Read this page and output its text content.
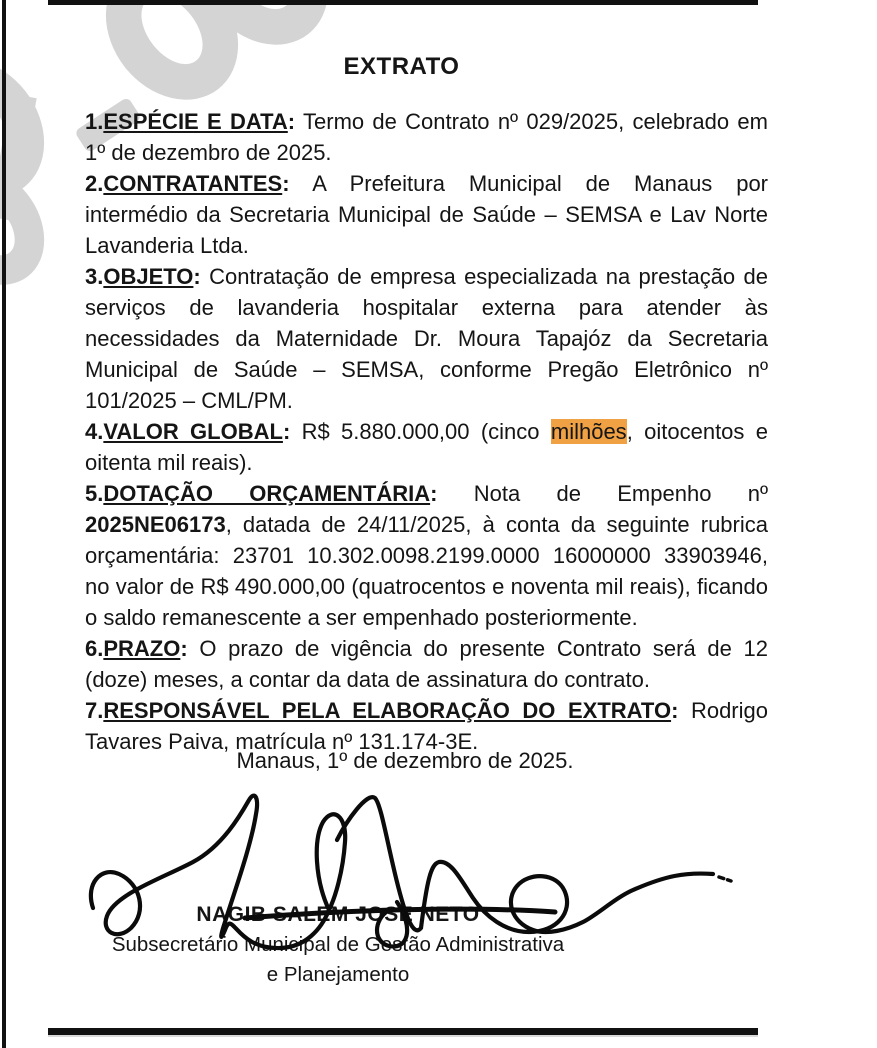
EXTRATO

1.ESPÉCIE E DATA: Termo de Contrato nº 029/2025, celebrado em 1º de dezembro de 2025.

2.CONTRATANTES: A Prefeitura Municipal de Manaus por intermédio da Secretaria Municipal de Saúde – SEMSA e Lav Norte Lavanderia Ltda.

3.OBJETO: Contratação de empresa especializada na prestação de serviços de lavanderia hospitalar externa para atender às necessidades da Maternidade Dr. Moura Tapajóz da Secretaria Municipal de Saúde – SEMSA, conforme Pregão Eletrônico nº 101/2025 – CML/PM.

4.VALOR GLOBAL: R$ 5.880.000,00 (cinco milhões, oitocentos e oitenta mil reais).

5.DOTAÇÃO ORÇAMENTÁRIA: Nota de Empenho nº 2025NE06173, datada de 24/11/2025, à conta da seguinte rubrica orçamentária: 23701 10.302.0098.2199.0000 16000000 33903946, no valor de R$ 490.000,00 (quatrocentos e noventa mil reais), ficando o saldo remanescente a ser empenhado posteriormente.

6.PRAZO: O prazo de vigência do presente Contrato será de 12 (doze) meses, a contar da data de assinatura do contrato.

7.RESPONSÁVEL PELA ELABORAÇÃO DO EXTRATO: Rodrigo Tavares Paiva, matrícula nº 131.174-3E.

Manaus, 1º de dezembro de 2025.

NAGIB SALEM JOSE NETO

Subsecretário Municipal de Gestão Administrativa

e Planejamento
